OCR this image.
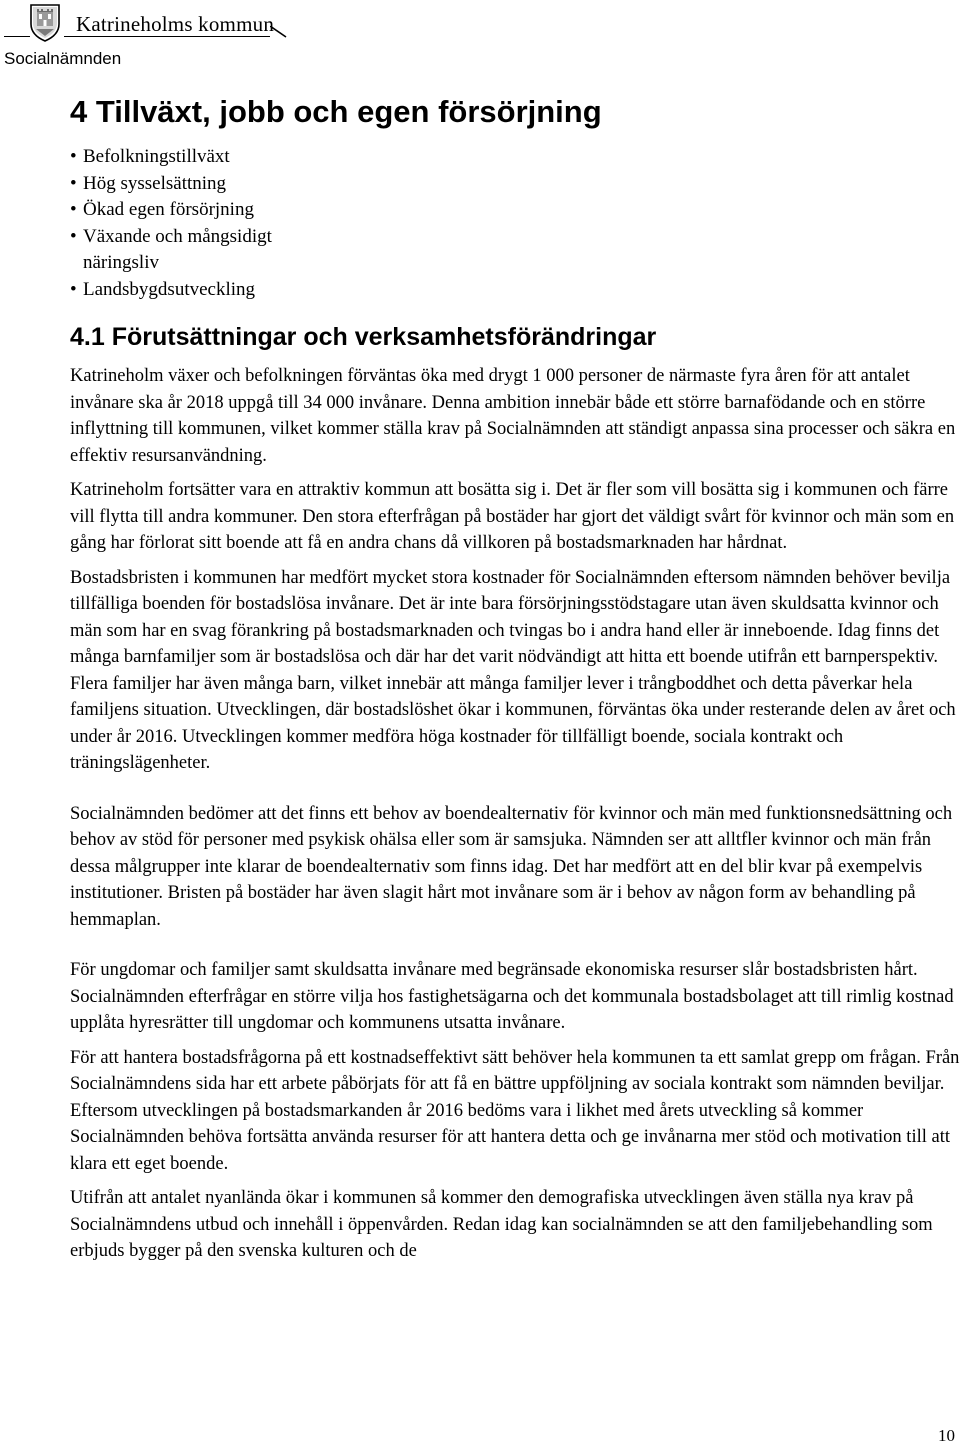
Katrineholms kommun
Socialnämnden
4 Tillväxt, jobb och egen försörjning
• Befolkningstillväxt
• Hög sysselsättning
• Ökad egen försörjning
• Växande och mångsidigt näringsliv
• Landsbygdsutveckling
4.1 Förutsättningar och verksamhetsförändringar

Katrineholm växer och befolkningen förväntas öka med drygt 1 000 personer de närmaste fyra åren för att antalet invånare ska år 2018 uppgå till 34 000 invånare. Denna ambition innebär både ett större barnafödande och en större inflyttning till kommunen, vilket kommer ställa krav på Socialnämnden att ständigt anpassa sina processer och säkra en effektiv resursanvändning.

Katrineholm fortsätter vara en attraktiv kommun att bosätta sig i. Det är fler som vill bosätta sig i kommunen och färre vill flytta till andra kommuner. Den stora efterfrågan på bostäder har gjort det väldigt svårt för kvinnor och män som en gång har förlorat sitt boende att få en andra chans då villkoren på bostadsmarknaden har hårdnat.

Bostadsbristen i kommunen har medfört mycket stora kostnader för Socialnämnden eftersom nämnden behöver bevilja tillfälliga boenden för bostadslösa invånare. Det är inte bara försörjningsstödstagare utan även skuldsatta kvinnor och män som har en svag förankring på bostadsmarknaden och tvingas bo i andra hand eller är inneboende. Idag finns det många barnfamiljer som är bostadslösa och där har det varit nödvändigt att hitta ett boende utifrån ett barnperspektiv. Flera familjer har även många barn, vilket innebär att många familjer lever i trångboddhet och detta påverkar hela familjens situation. Utvecklingen, där bostadslöshet ökar i kommunen, förväntas öka under resterande delen av året och under år 2016. Utvecklingen kommer medföra höga kostnader för tillfälligt boende, sociala kontrakt och träningslägenheter.

Socialnämnden bedömer att det finns ett behov av boendealternativ för kvinnor och män med funktionsnedsättning och behov av stöd för personer med psykisk ohälsa eller som är samsjuka. Nämnden ser att alltfler kvinnor och män från dessa målgrupper inte klarar de boendealternativ som finns idag. Det har medfört att en del blir kvar på exempelvis institutioner. Bristen på bostäder har även slagit hårt mot invånare som är i behov av någon form av behandling på hemmaplan.

För ungdomar och familjer samt skuldsatta invånare med begränsade ekonomiska resurser slår bostadsbristen hårt. Socialnämnden efterfrågar en större vilja hos fastighetsägarna och det kommunala bostadsbolaget att till rimlig kostnad upplåta hyresrätter till ungdomar och kommunens utsatta invånare.

För att hantera bostadsfrågorna på ett kostnadseffektivt sätt behöver hela kommunen ta ett samlat grepp om frågan. Från Socialnämndens sida har ett arbete påbörjats för att få en bättre uppföljning av sociala kontrakt som nämnden beviljar. Eftersom utvecklingen på bostadsmarkanden år 2016 bedöms vara i likhet med årets utveckling så kommer Socialnämnden behöva fortsätta använda resurser för att hantera detta och ge invånarna mer stöd och motivation till att klara ett eget boende.

Utifrån att antalet nyanlända ökar i kommunen så kommer den demografiska utvecklingen även ställa nya krav på Socialnämndens utbud och innehåll i öppenvården. Redan idag kan socialnämnden se att den familjebehandling som erbjuds bygger på den svenska kulturen och de

10
